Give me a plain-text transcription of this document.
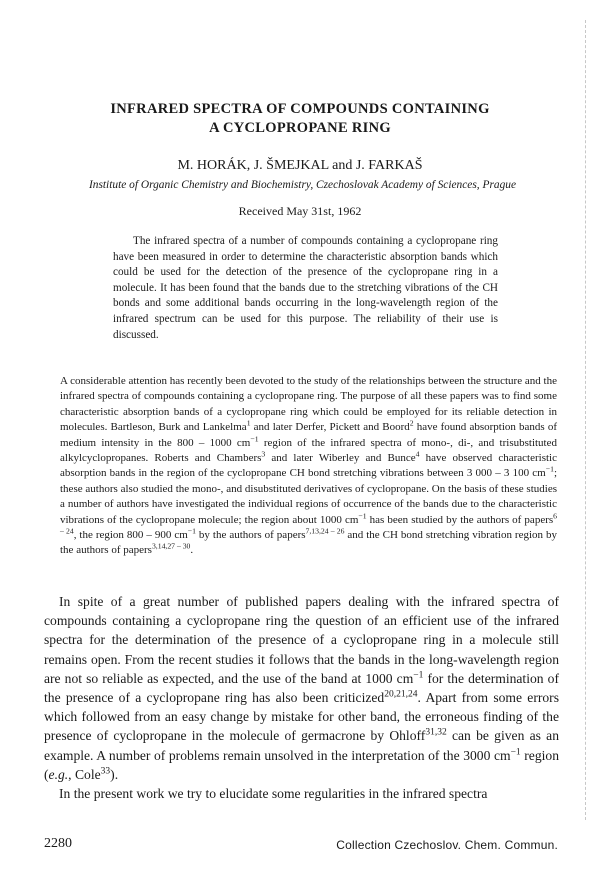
INFRARED SPECTRA OF COMPOUNDS CONTAINING
A CYCLOPROPANE RING
M. HORÁK, J. ŠMEJKAL and J. FARKAŠ
Institute of Organic Chemistry and Biochemistry, Czechoslovak Academy of Sciences, Prague
Received May 31st, 1962

The infrared spectra of a number of compounds containing a cyclopropane ring have been measured in order to determine the characteristic absorption bands which could be used for the detection of the presence of the cyclopropane ring in a molecule. It has been found that the bands due to the stretching vibrations of the CH bonds and some additional bands occurring in the long-wavelength region of the infrared spectrum can be used for this purpose. The reliability of their use is discussed.

A considerable attention has recently been devoted to the study of the relationships between the structure and the infrared spectra of compounds containing a cyclopropane ring. The purpose of all these papers was to find some characteristic absorption bands of a cyclopropane ring which could be employed for its reliable detection in molecules. Bartleson, Burk and Lankelma$^1$ and later Derfer, Pickett and Boord$^2$ have found absorption bands of medium intensity in the 800 – 1000 $cm^{-1}$ region of the infrared spectra of mono-, di-, and trisubstituted alkylcyclopropanes. Roberts and Chambers$^3$ and later Wiberley and Bunce$^4$ have observed characteristic absorption bands in the region of the cyclopropane CH bond stretching vibrations between 3 000 – 3 100 $cm^{-1}$; these authors also studied the mono-, and disubstituted derivatives of cyclopropane. On the basis of these studies a number of authors have investigated the individual regions of occurrence of the bands due to the characteristic vibrations of the cyclopropane molecule; the region about 1000 $cm^{-1}$ has been studied by the authors of papers$^{6 - 24}$, the region 800 – 900 $cm^{-1}$ by the authors of papers$^{7,13,24 - 26}$ and the CH bond stretching vibration region by the authors of papers$^{3,14,27 - 30}$.

In spite of a great number of published papers dealing with the infrared spectra of compounds containing a cyclopropane ring the question of an efficient use of the infrared spectra for the determination of the presence of a cyclopropane ring in a molecule still remains open. From the recent studies it follows that the bands in the long-wavelength region are not so reliable as expected, and the use of the band at 1000 $cm^{-1}$ for the determination of the presence of a cyclopropane ring has also been criticized$^{20,21,24}$. Apart from some errors which followed from an easy change by mistake for other band, the erroneous finding of the presence of cyclopropane in the molecule of germacrone by Ohloff$^{31,32}$ can be given as an example. A number of problems remain unsolved in the interpretation of the 3000 $cm^{-1}$ region (e.g., Cole$^{33}$).

In the present work we try to elucidate some regularities in the infrared spectra

2280	Collection Czechoslov. Chem. Commun.
